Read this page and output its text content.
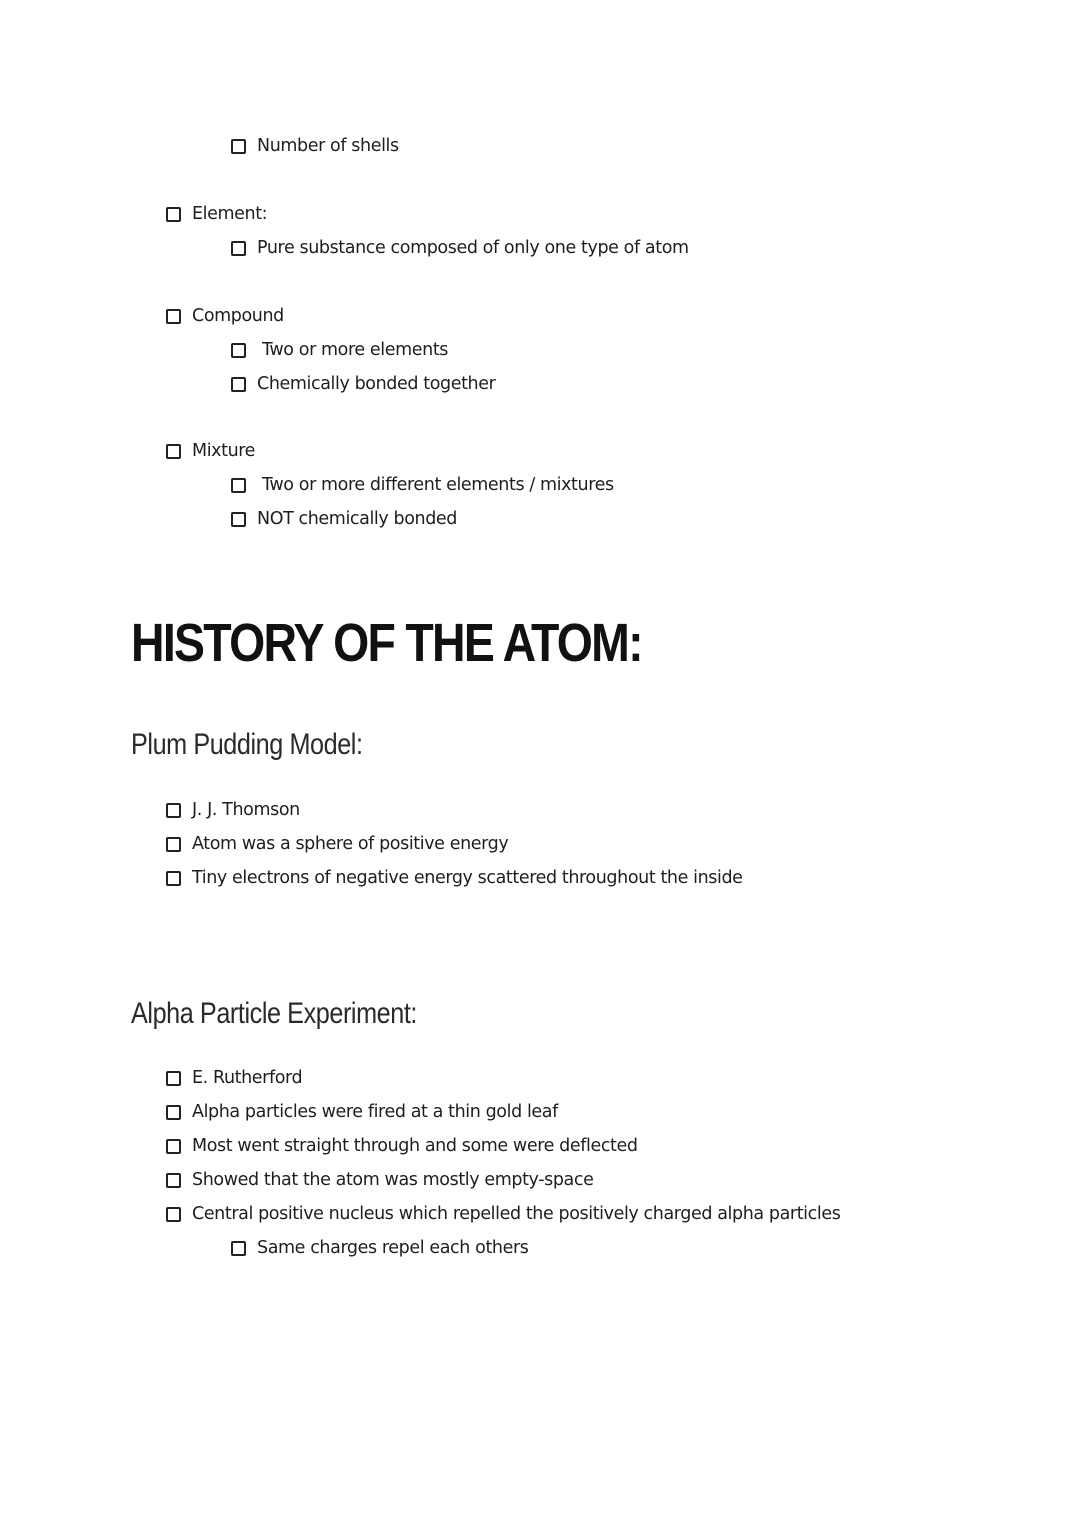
Number of shells
Element:
Pure substance composed of only one type of atom
Compound
Two or more elements
Chemically bonded together
Mixture
Two or more different elements / mixtures
NOT chemically bonded
HISTORY OF THE ATOM:
Plum Pudding Model:
J. J. Thomson
Atom was a sphere of positive energy
Tiny electrons of negative energy scattered throughout the inside
Alpha Particle Experiment:
E. Rutherford
Alpha particles were fired at a thin gold leaf
Most went straight through and some were deflected
Showed that the atom was mostly empty-space
Central positive nucleus which repelled the positively charged alpha particles
Same charges repel each others
